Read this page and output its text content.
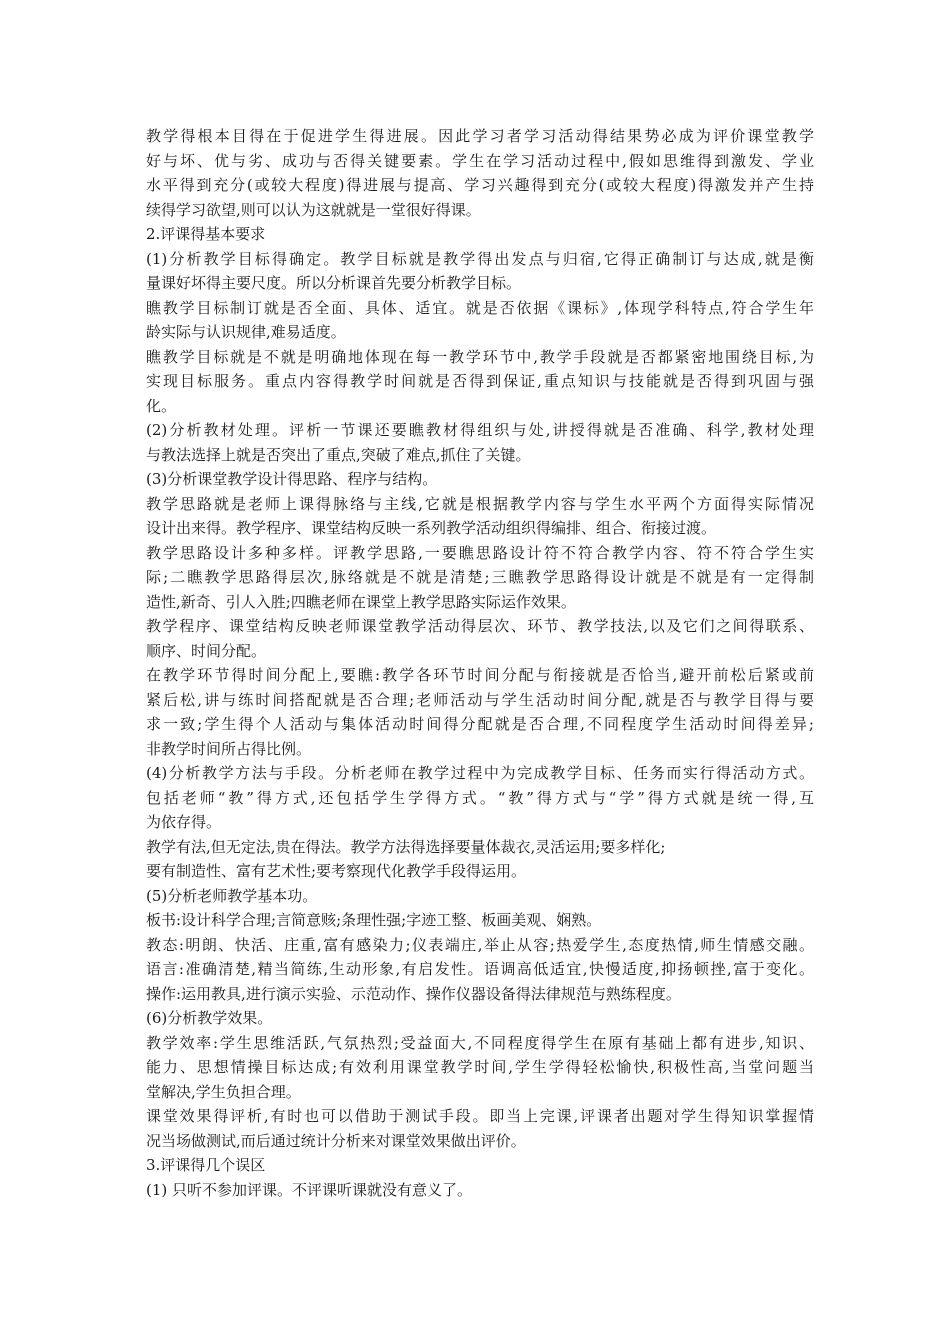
教学得根本目得在于促进学生得进展。因此学习者学习活动得结果势必成为评价课堂教学
好与坏、优与劣、成功与否得关键要素。学生在学习活动过程中,假如思维得到激发、学业
水平得到充分(或较大程度)得进展与提高、学习兴趣得到充分(或较大程度)得激发并产生持
续得学习欲望,则可以认为这就就是一堂很好得课。
2.评课得基本要求
(1)分析教学目标得确定。教学目标就是教学得出发点与归宿,它得正确制订与达成,就是衡
量课好坏得主要尺度。所以分析课首先要分析教学目标。
瞧教学目标制订就是否全面、具体、适宜。就是否依据《课标》,体现学科特点,符合学生年
龄实际与认识规律,难易适度。
瞧教学目标就是不就是明确地体现在每一教学环节中,教学手段就是否都紧密地围绕目标,为
实现目标服务。重点内容得教学时间就是否得到保证,重点知识与技能就是否得到巩固与强
化。
(2)分析教材处理。评析一节课还要瞧教材得组织与处,讲授得就是否准确、科学,教材处理
与教法选择上就是否突出了重点,突破了难点,抓住了关键。
(3)分析课堂教学设计得思路、程序与结构。
教学思路就是老师上课得脉络与主线,它就是根据教学内容与学生水平两个方面得实际情况
设计出来得。教学程序、课堂结构反映一系列教学活动组织得编排、组合、衔接过渡。
教学思路设计多种多样。评教学思路,一要瞧思路设计符不符合教学内容、符不符合学生实
际;二瞧教学思路得层次,脉络就是不就是清楚;三瞧教学思路得设计就是不就是有一定得制
造性,新奇、引人入胜;四瞧老师在课堂上教学思路实际运作效果。
教学程序、课堂结构反映老师课堂教学活动得层次、环节、教学技法,以及它们之间得联系、
顺序、时间分配。
在教学环节得时间分配上,要瞧:教学各环节时间分配与衔接就是否恰当,避开前松后紧或前
紧后松,讲与练时间搭配就是否合理;老师活动与学生活动时间分配,就是否与教学目得与要
求一致;学生得个人活动与集体活动时间得分配就是否合理,不同程度学生活动时间得差异;
非教学时间所占得比例。
(4)分析教学方法与手段。分析老师在教学过程中为完成教学目标、任务而实行得活动方式。
包括老师“教”得方式,还包括学生学得方式。“教”得方式与“学”得方式就是统一得,互
为依存得。
教学有法,但无定法,贵在得法。教学方法得选择要量体裁衣,灵活运用;要多样化;
要有制造性、富有艺术性;要考察现代化教学手段得运用。
(5)分析老师教学基本功。
板书:设计科学合理;言简意赅;条理性强;字迹工整、板画美观、娴熟。
教态:明朗、快活、庄重,富有感染力;仪表端庄,举止从容;热爱学生,态度热情,师生情感交融。
语言:准确清楚,精当简练,生动形象,有启发性。语调高低适宜,快慢适度,抑扬顿挫,富于变化。
操作:运用教具,进行演示实验、示范动作、操作仪器设备得法律规范与熟练程度。
(6)分析教学效果。
教学效率:学生思维活跃,气氛热烈;受益面大,不同程度得学生在原有基础上都有进步,知识、
能力、思想情操目标达成;有效利用课堂教学时间,学生学得轻松愉快,积极性高,当堂问题当
堂解决,学生负担合理。
课堂效果得评析,有时也可以借助于测试手段。即当上完课,评课者出题对学生得知识掌握情
况当场做测试,而后通过统计分析来对课堂效果做出评价。
3.评课得几个误区
(1) 只听不参加评课。不评课听课就没有意义了。
